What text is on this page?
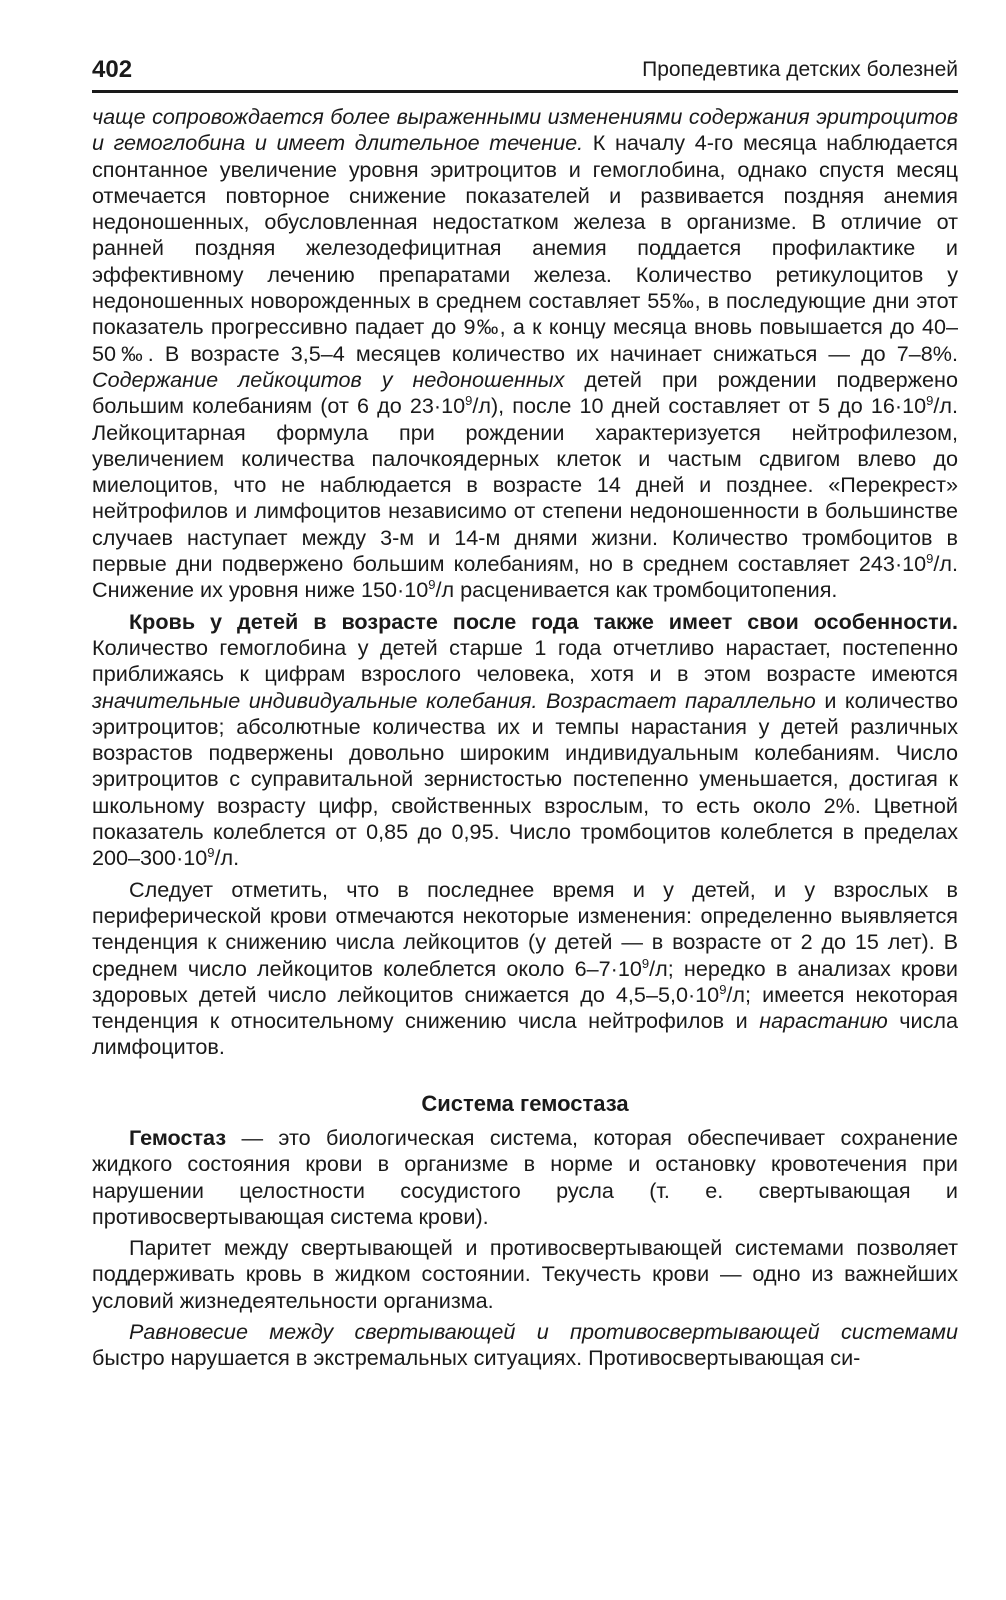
402	Пропедевтика детских болезней

чаще сопровождается более выраженными изменениями содержания эритроцитов и гемоглобина и имеет длительное течение. К началу 4-го месяца наблюдается спонтанное увеличение уровня эритроцитов и гемоглобина, однако спустя месяц отмечается повторное снижение показателей и развивается поздняя анемия недоношенных, обусловленная недостатком железа в организме. В отличие от ранней поздняя железодефицитная анемия поддается профилактике и эффективному лечению препаратами железа. Количество ретикулоцитов у недоношенных новорожденных в среднем составляет 55‰, в последующие дни этот показатель прогрессивно падает до 9‰, а к концу месяца вновь повышается до 40–50‰. В возрасте 3,5–4 месяцев количество их начинает снижаться — до 7–8%. Содержание лейкоцитов у недоношенных детей при рождении подвержено большим колебаниям (от 6 до $23\cdot 10^9/л$), после 10 дней составляет от 5 до $16\cdot 10^9/л$. Лейкоцитарная формула при рождении характеризуется нейтрофилезом, увеличением количества палочкоядерных клеток и частым сдвигом влево до миелоцитов, что не наблюдается в возрасте 14 дней и позднее. «Перекрест» нейтрофилов и лимфоцитов независимо от степени недоношенности в большинстве случаев наступает между 3-м и 14-м днями жизни. Количество тромбоцитов в первые дни подвержено большим колебаниям, но в среднем составляет $243\cdot 10^9/л$. Снижение их уровня ниже $150\cdot 10^9/л$ расценивается как тромбоцитопения.

Кровь у детей в возрасте после года также имеет свои особенности. Количество гемоглобина у детей старше 1 года отчетливо нарастает, постепенно приближаясь к цифрам взрослого человека, хотя и в этом возрасте имеются значительные индивидуальные колебания. Возрастает параллельно и количество эритроцитов; абсолютные количества их и темпы нарастания у детей различных возрастов подвержены довольно широким индивидуальным колебаниям. Число эритроцитов с суправитальной зернистостью постепенно уменьшается, достигая к школьному возрасту цифр, свойственных взрослым, то есть около 2%. Цветной показатель колеблется от 0,85 до 0,95. Число тромбоцитов колеблется в пределах $200-300\cdot 10^9/л$.

Следует отметить, что в последнее время и у детей, и у взрослых в периферической крови отмечаются некоторые изменения: определенно выявляется тенденция к снижению числа лейкоцитов (у детей — в возрасте от 2 до 15 лет). В среднем число лейкоцитов колеблется около $6-7\cdot 10^9/л$; нередко в анализах крови здоровых детей число лейкоцитов снижается до $4,5-5,0\cdot 10^9/л$; имеется некоторая тенденция к относительному снижению числа нейтрофилов и нарастанию числа лимфоцитов.

Система гемостаза

Гемостаз — это биологическая система, которая обеспечивает сохранение жидкого состояния крови в организме в норме и остановку кровотечения при нарушении целостности сосудистого русла (т. е. свертывающая и противосвертывающая система крови).

Паритет между свертывающей и противосвертывающей системами позволяет поддерживать кровь в жидком состоянии. Текучесть крови — одно из важнейших условий жизнедеятельности организма.

Равновесие между свертывающей и противосвертывающей системами быстро нарушается в экстремальных ситуациях. Противосвертывающая си-
